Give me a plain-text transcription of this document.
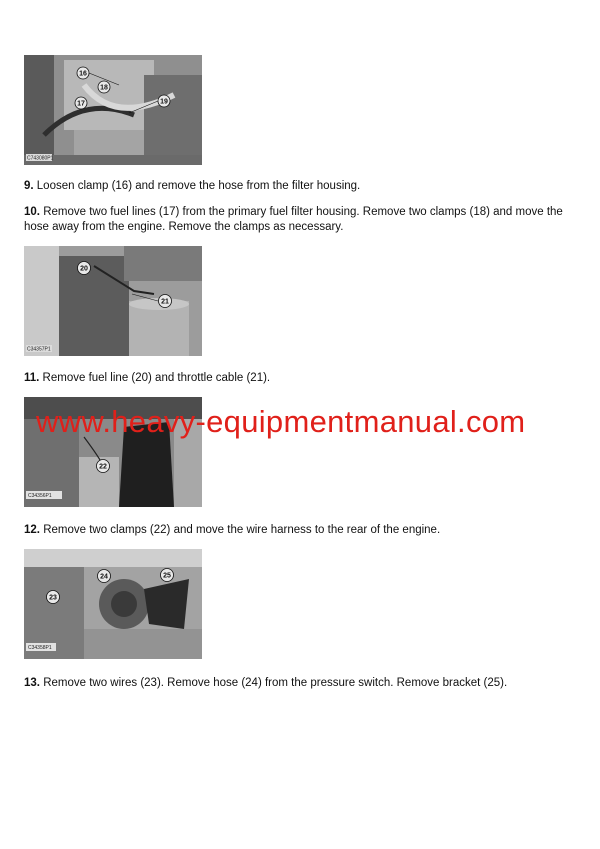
16
18
17	19
C743080P1

9. Loosen clamp (16) and remove the hose from the filter housing.

10. Remove two fuel lines (17) from the primary fuel filter housing. Remove two clamps (18) and move the hose away from the engine. Remove the clamps as necessary.

20
21
C34357P1

11. Remove fuel line (20) and throttle cable (21).

22
C34356P1
www.heavy-equipmentmanual.com

12. Remove two clamps (22) and move the wire harness to the rear of the engine.

24	25
23
C34358P1

13. Remove two wires (23). Remove hose (24) from the pressure switch. Remove bracket (25).
